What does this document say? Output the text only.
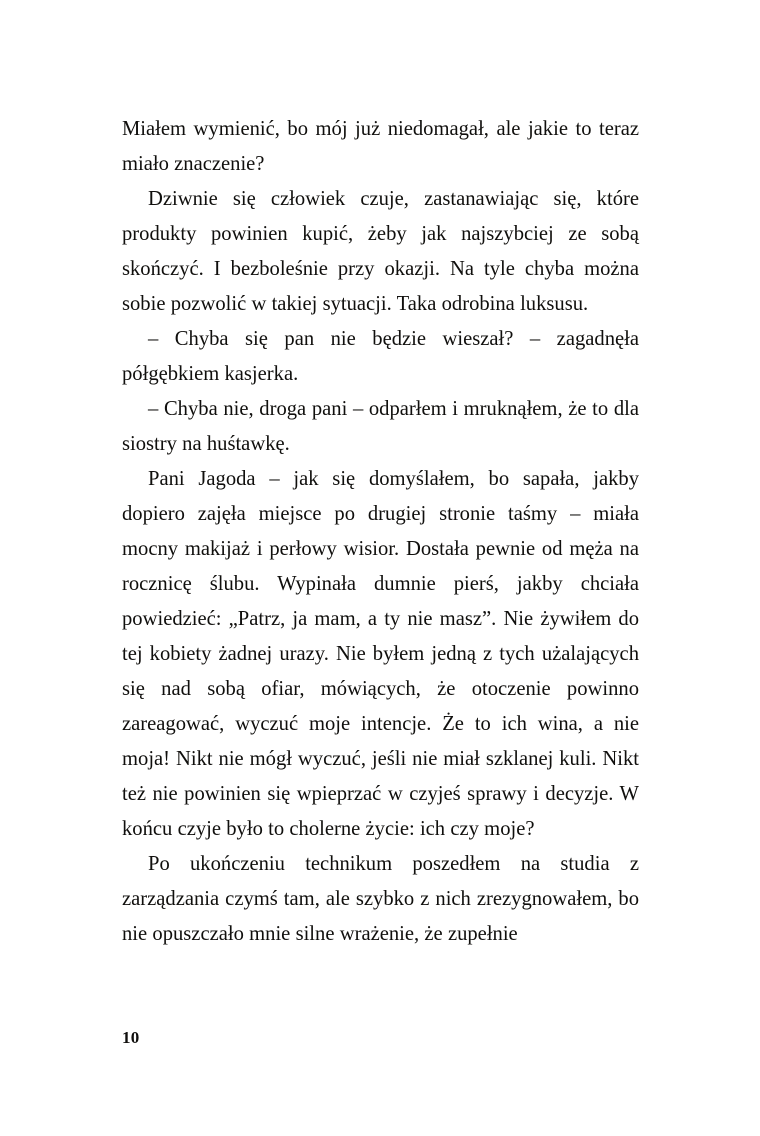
Miałem wymienić, bo mój już niedomagał, ale jakie to teraz miało znaczenie?

Dziwnie się człowiek czuje, zastanawiając się, które produkty powinien kupić, żeby jak najszybciej ze sobą skończyć. I bezboleśnie przy okazji. Na tyle chyba można sobie pozwolić w takiej sytuacji. Taka odrobina luksusu.

– Chyba się pan nie będzie wieszał? – zagadnęła półgębkiem kasjerka.

– Chyba nie, droga pani – odparłem i mruknąłem, że to dla siostry na huśtawkę.

Pani Jagoda – jak się domyślałem, bo sapała, jakby dopiero zajęła miejsce po drugiej stronie taśmy – miała mocny makijaż i perłowy wisior. Dostała pewnie od męża na rocznicę ślubu. Wypinała dumnie pierś, jakby chciała powiedzieć: „Patrz, ja mam, a ty nie masz”. Nie żywiłem do tej kobiety żadnej urazy. Nie byłem jedną z tych użalających się nad sobą ofiar, mówiących, że otoczenie powinno zareagować, wyczuć moje intencje. Że to ich wina, a nie moja! Nikt nie mógł wyczuć, jeśli nie miał szklanej kuli. Nikt też nie powinien się wpieprzać w czyjeś sprawy i decyzje. W końcu czyje było to cholerne życie: ich czy moje?

Po ukończeniu technikum poszedłem na studia z zarządzania czymś tam, ale szybko z nich zrezygnowałem, bo nie opuszczało mnie silne wrażenie, że zupełnie

10
